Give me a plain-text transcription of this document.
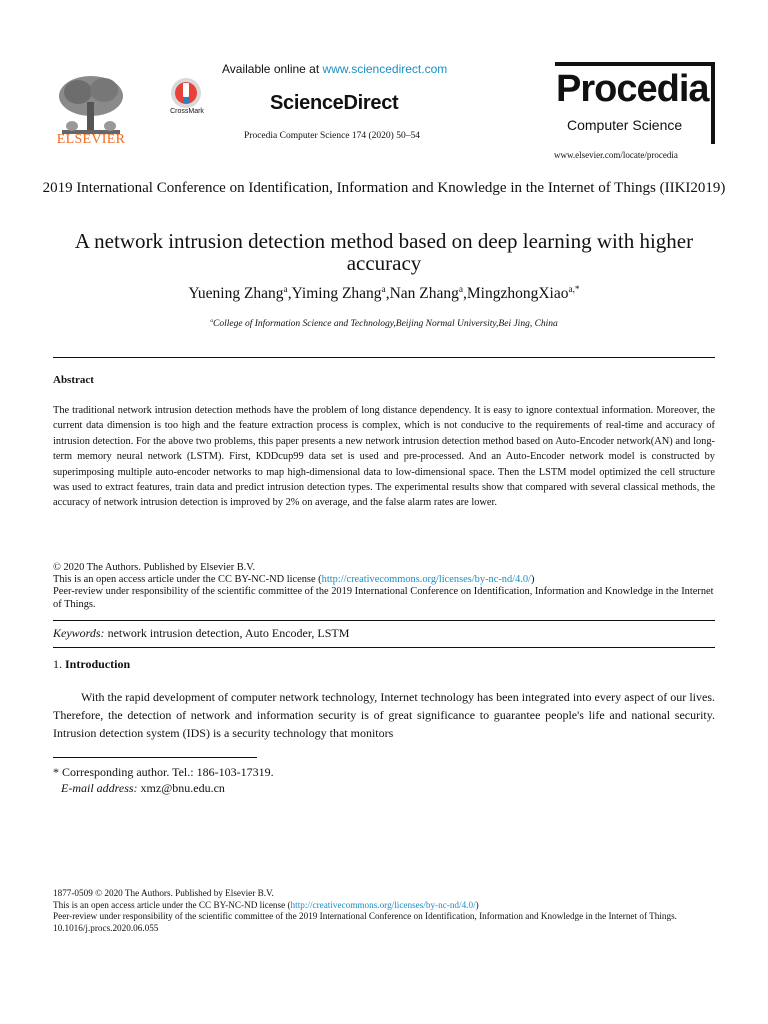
ELSEVIER
CrossMark
Available online at www.sciencedirect.com
ScienceDirect
Procedia Computer Science 174 (2020) 50–54
Procedia
Computer Science
www.elsevier.com/locate/procedia
2019 International Conference on Identification, Information and Knowledge in the Internet of Things (IIKI2019)
A network intrusion detection method based on deep learning with higher accuracy
Yuening Zhang$^a$,Yiming Zhang$^a$,Nan Zhang$^a$,MingzhongXiao$^{a,*}$
$^a$College of Information Science and Technology,Beijing Normal University,Bei Jing, China
Abstract
The traditional network intrusion detection methods have the problem of long distance dependency. It is easy to ignore contextual information. Moreover, the current data dimension is too high and the feature extraction process is complex, which is not conducive to the requirements of real-time and accuracy of intrusion detection. For the above two problems, this paper presents a new network intrusion detection method based on Auto-Encoder network(AN) and long-term memory neural network (LSTM). First, KDDcup99 data set is used and pre-processed. And an Auto-Encoder network model is constructed by superimposing multiple auto-encoder networks to map high-dimensional data to low-dimensional space. Then the LSTM model optimized the cell structure was used to extract features, train data and predict intrusion detection types. The experimental results show that compared with several classical methods, the accuracy of network intrusion detection is improved by 2% on average, and the false alarm rates are lower.
© 2020 The Authors. Published by Elsevier B.V.
This is an open access article under the CC BY-NC-ND license (http://creativecommons.org/licenses/by-nc-nd/4.0/)
Peer-review under responsibility of the scientific committee of the 2019 International Conference on Identification, Information and Knowledge in the Internet of Things.
Keywords: network intrusion detection, Auto Encoder, LSTM
1. Introduction
With the rapid development of computer network technology, Internet technology has been integrated into every aspect of our lives. Therefore, the detection of network and information security is of great significance to guarantee people's life and national security. Intrusion detection system (IDS) is a security technology that monitors
* Corresponding author. Tel.: 186-103-17319.
E-mail address: xmz@bnu.edu.cn
1877-0509 © 2020 The Authors. Published by Elsevier B.V.
This is an open access article under the CC BY-NC-ND license (http://creativecommons.org/licenses/by-nc-nd/4.0/)
Peer-review under responsibility of the scientific committee of the 2019 International Conference on Identification, Information and Knowledge in the Internet of Things.
10.1016/j.procs.2020.06.055
